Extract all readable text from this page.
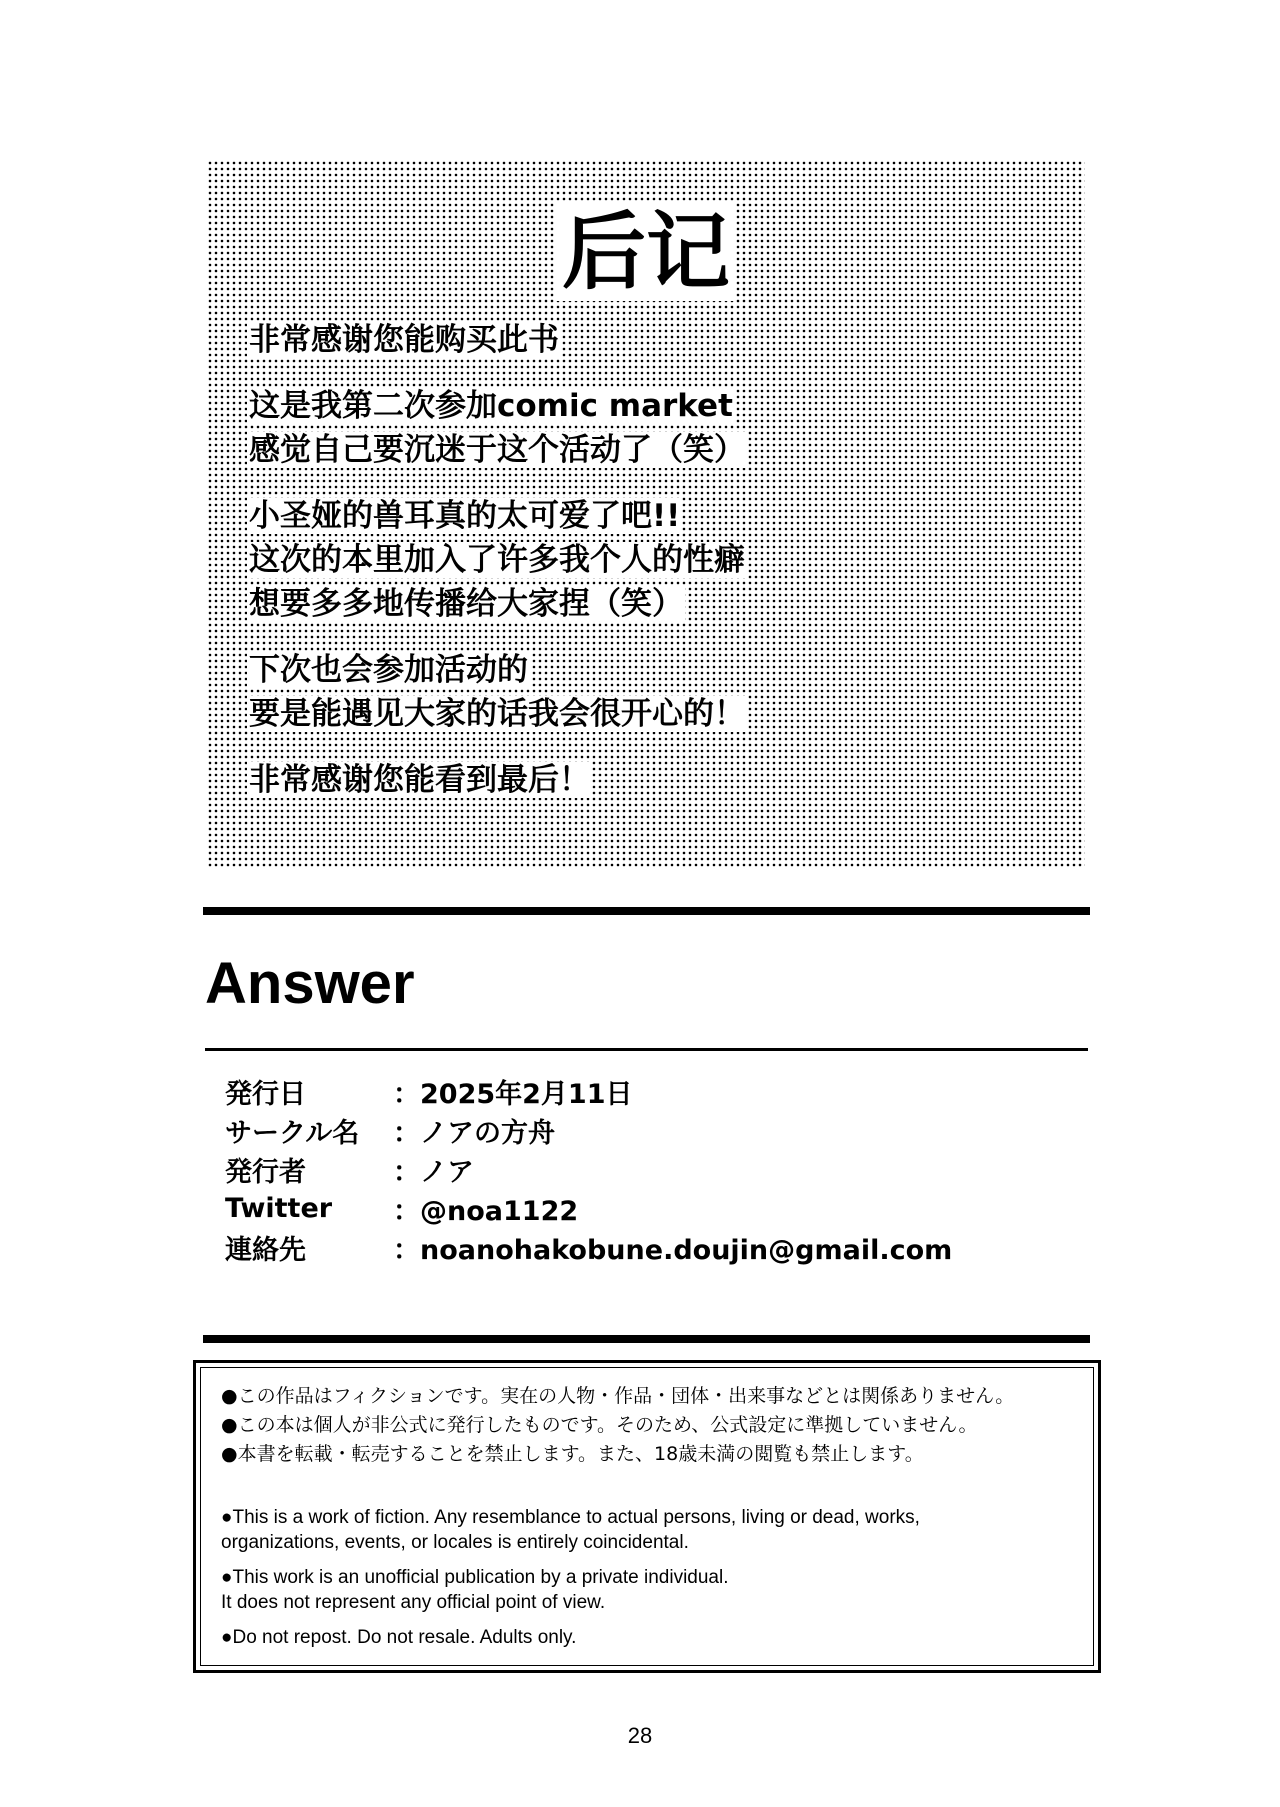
后记
非常感谢您能购买此书
这是我第二次参加comic market
感觉自己要沉迷于这个活动了（笑）
小圣娅的兽耳真的太可爱了吧!!
这次的本里加入了许多我个人的性癖
想要多多地传播给大家捏（笑）
下次也会参加活动的
要是能遇见大家的话我会很开心的！
非常感谢您能看到最后！
Answer
発行日	：2025年2月11日
サークル名	：ノアの方舟
発行者	：ノア
Twitter	：@noa1122
連絡先	：noanohakobune.doujin@gmail.com
●この作品はフィクションです。実在の人物・作品・団体・出来事などとは関係ありません。
●この本は個人が非公式に発行したものです。そのため、公式設定に準拠していません。
●本書を転載・転売することを禁止します。また、18歳未満の閲覧も禁止します。
●This is a work of fiction. Any resemblance to actual persons, living or dead, works,
organizations, events, or locales is entirely coincidental.
●This work is an unofficial publication by a private individual.
It does not represent any official point of view.
●Do not repost. Do not resale. Adults only.
28
